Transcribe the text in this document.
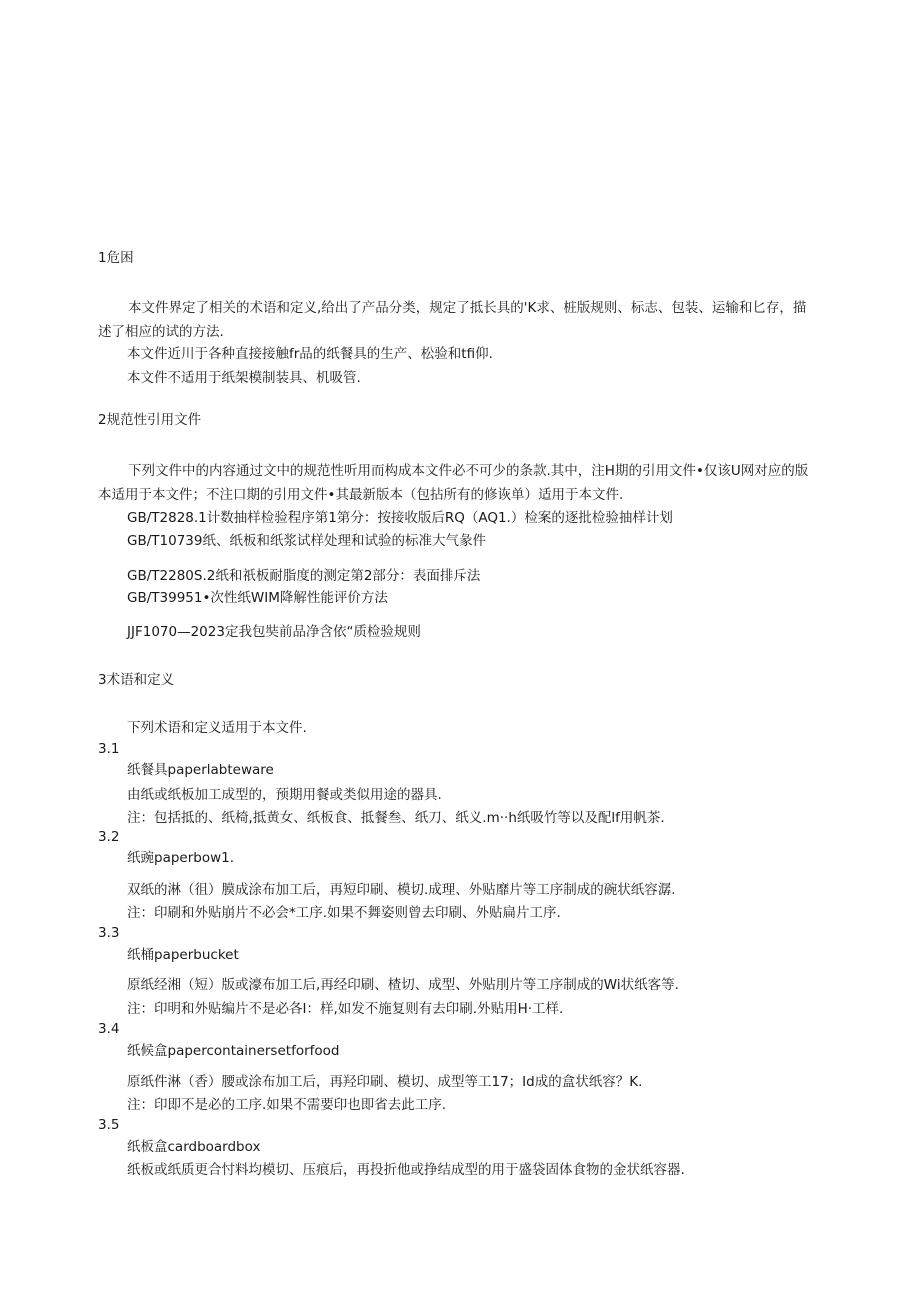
1危困
本文件界定了相关的术语和定义,给出了产品分类，规定了抵长具的'K求、桩版规则、标志、包装、运输和匕存，描述了相应的试的方法.
本文件近川于各种直接接触fr品的纸餐具的生产、松验和tfi仰.
本文件不适用于纸架模制装具、机吸管.
2规范性引用文件
下列文件中的内容通过文中的规范性听用而构成本文件必不可少的条款.其中，注H期的引用文件•仅该U网对应的版本适用于本文件；不注口期的引用文件•其最新版本（包拈所有的修诙单）适用于本文件.
GB/T2828.1计数抽样检验程序第1第分：按接收版后RQ（AQ1.）检案的逐批检验抽样计划
GB/T10739纸、纸板和纸浆试样处理和试验的标准大气彖件
GB/T2280S.2纸和祇板耐脂度的测定第2部分：表面排斥法
GB/T39951•次性纸WIM降解性能评价方法
JJF1070—2023定我包奘前品净含依“质检验规则
3术语和定义
下列术语和定义适用于本文件.
3.1
纸餐具paperlabteware
由纸或纸板加工成型的，预期用餐或类似用途的器具.
注：包括抵的、纸椅,抵黄女、纸板食、抵餐叁、纸刀、纸义.m··h纸吸竹等以及配lf用帆茶.
3.2
纸豌paperbow1.
双纸的淋（徂）膜成涂布加工后，再短印刷、模切.成理、外贴靡片等工序制成的碗状纸容潺.
注：印刷和外贴崩片不必会*工序.如果不舞姿则曾去印刷、外贴扁片工序.
3.3
纸桶paperbucket
原纸经湘（短）版或濠布加工后,再经印刷、楂切、成型、外贴刖片等工序制成的Wi状纸客等.
注：印明和外贴编片不是必各I：样,如发不施复则有去印刷.外贴用H·工样.
3.4
纸候盒papercontainersetforfood
原纸件淋（香）腰或涂布加工后，再羟印刷、模切、成型等工17；Id成的盒状纸容？K.
注：印即不是必的工序.如果不需要印也即省去此工序.
3.5
纸板盒cardboardbox
纸板或纸质更合忖料均模切、压痕后，再投折他或挣结成型的用于盛袋固体食物的金状纸容器.
